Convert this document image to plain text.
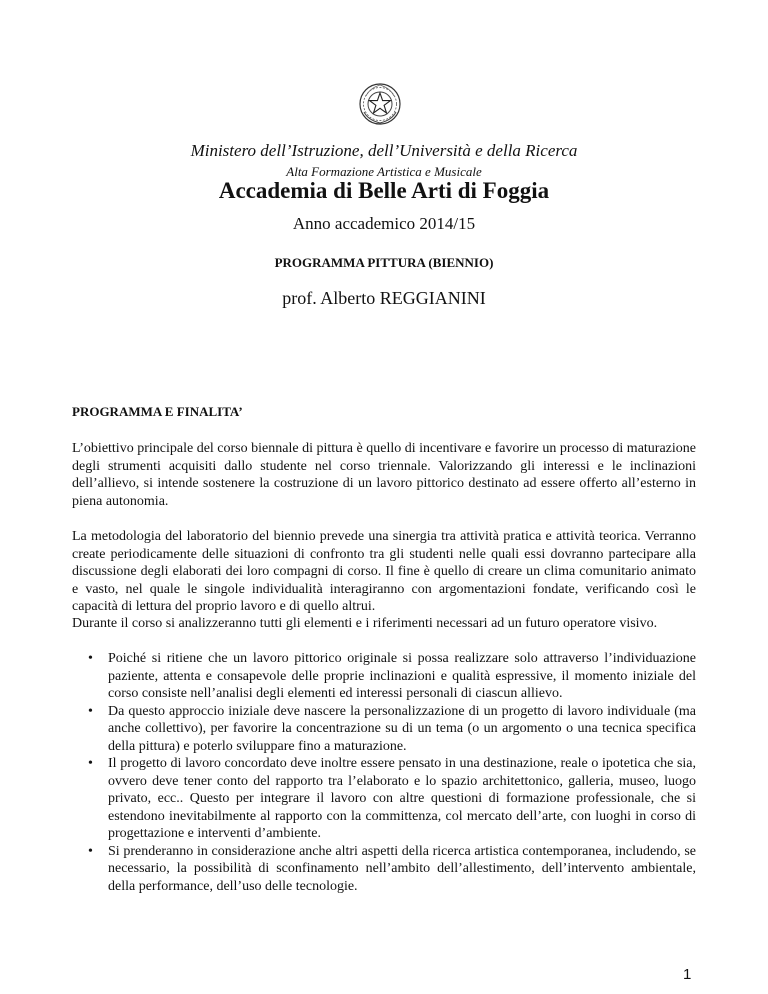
Ministero dell’Istruzione, dell’Università e della Ricerca
Alta Formazione Artistica e Musicale
Accademia di Belle Arti di Foggia
Anno accademico 2014/15
PROGRAMMA PITTURA (BIENNIO)
prof. Alberto REGGIANINI
PROGRAMMA E FINALITA’

L’obiettivo principale del corso biennale di pittura è quello di incentivare e favorire un processo di maturazione degli strumenti acquisiti dallo studente nel corso triennale. Valorizzando gli interessi e le inclinazioni dell’allievo, si intende sostenere la costruzione di un lavoro pittorico destinato ad essere offerto all’esterno in piena autonomia.

La metodologia del laboratorio del biennio prevede una sinergia tra attività pratica e attività teorica. Verranno create periodicamente delle situazioni di confronto tra gli studenti nelle quali essi dovranno partecipare alla discussione degli elaborati dei loro compagni di corso. Il fine è quello di creare un clima comunitario animato e vasto, nel quale le singole individualità interagiranno con argomentazioni fondate, verificando così le capacità di lettura del proprio lavoro e di quello altrui.

Durante il corso si analizzeranno tutti gli elementi e i riferimenti necessari ad un futuro operatore visivo.

• Poiché si ritiene che un lavoro pittorico originale si possa realizzare solo attraverso l’individuazione paziente, attenta e consapevole delle proprie inclinazioni e qualità espressive, il momento iniziale del corso consiste nell’analisi degli elementi ed interessi personali di ciascun allievo.
• Da questo approccio iniziale deve nascere la personalizzazione di un progetto di lavoro individuale (ma anche collettivo), per favorire la concentrazione su di un tema (o un argomento o una tecnica specifica della pittura) e poterlo sviluppare fino a maturazione.
• Il progetto di lavoro concordato deve inoltre essere pensato in una destinazione, reale o ipotetica che sia, ovvero deve tener conto del rapporto tra l’elaborato e lo spazio architettonico, galleria, museo, luogo privato, ecc.. Questo per integrare il lavoro con altre questioni di formazione professionale, che si estendono inevitabilmente al rapporto con la committenza, col mercato dell’arte, con luoghi in corso di progettazione e interventi d’ambiente.
• Si prenderanno in considerazione anche altri aspetti della ricerca artistica contemporanea, includendo, se necessario, la possibilità di sconfinamento nell’ambito dell’allestimento, dell’intervento ambientale, della performance, dell’uso delle tecnologie.
1
